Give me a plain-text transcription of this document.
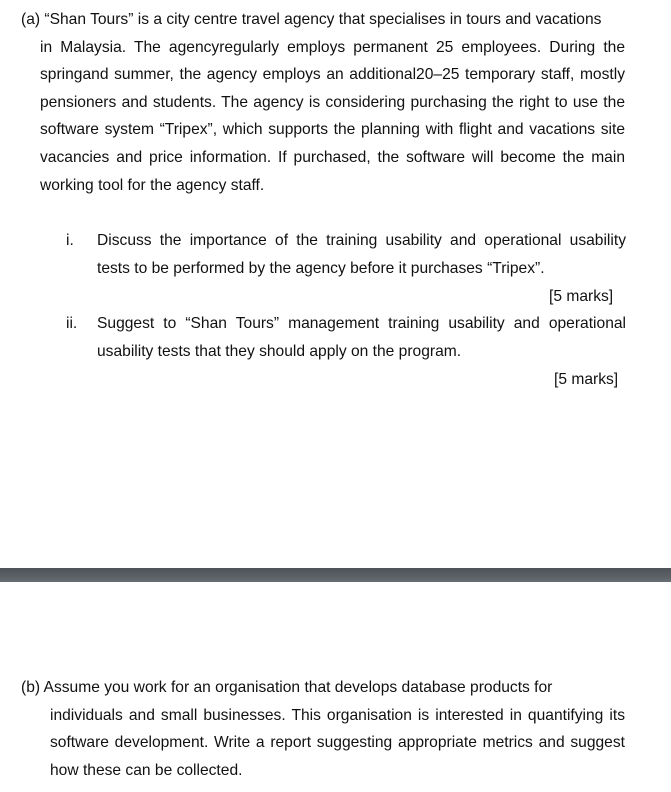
(a) “Shan Tours” is a city centre travel agency that specialises in tours and vacations
in Malaysia. The agencyregularly employs permanent 25 employees. During the springand summer, the agency employs an additional20–25 temporary staff, mostly pensioners and students. The agency is considering purchasing the right to use the software system “Tripex”, which supports the planning with flight and vacations site vacancies and price information. If purchased, the software will become the main working tool for the agency staff.
i.	Discuss the importance of the training usability and operational usability tests to be performed by the agency before it purchases “Tripex”.
[5 marks]
ii.	Suggest to “Shan Tours” management training usability and operational usability tests that they should apply on the program.
[5 marks]
(b) Assume you work for an organisation that develops database products for
individuals and small businesses. This organisation is interested in quantifying its software development. Write a report suggesting appropriate metrics and suggest how these can be collected.
